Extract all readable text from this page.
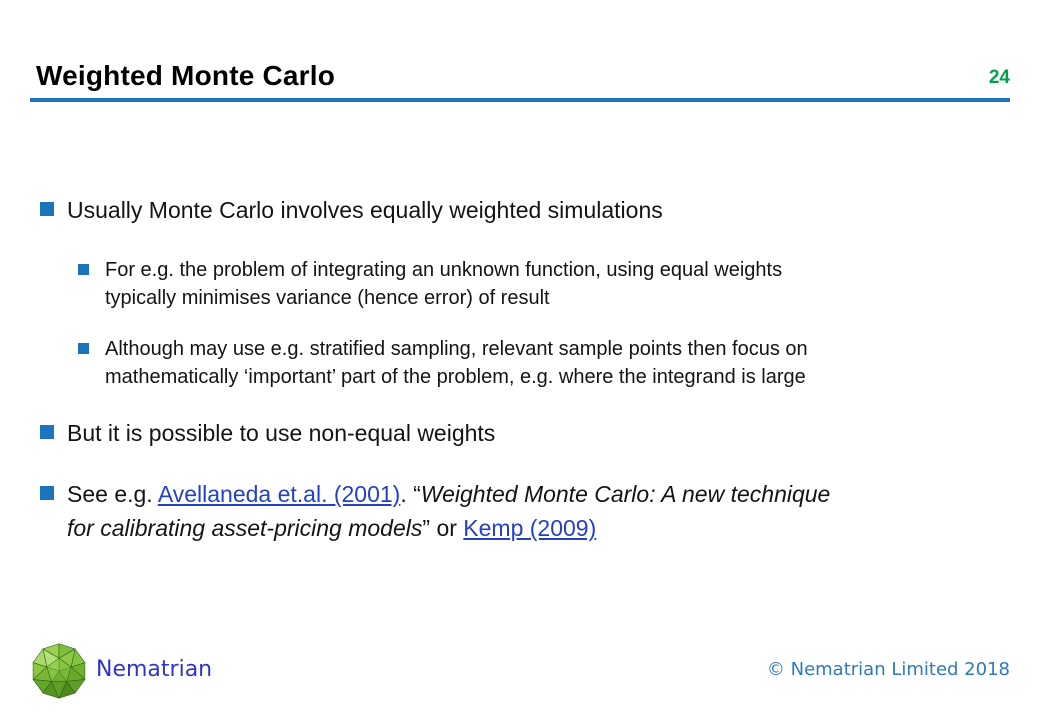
Weighted Monte Carlo	24
Usually Monte Carlo involves equally weighted simulations
For e.g. the problem of integrating an unknown function, using equal weights
typically minimises variance (hence error) of result
Although may use e.g. stratified sampling, relevant sample points then focus on
mathematically ‘important’ part of the problem, e.g. where the integrand is large
But it is possible to use non-equal weights
See e.g. Avellaneda et.al. (2001). “Weighted Monte Carlo: A new technique
for calibrating asset-pricing models” or Kemp (2009)
Nematrian	© Nematrian Limited 2018
